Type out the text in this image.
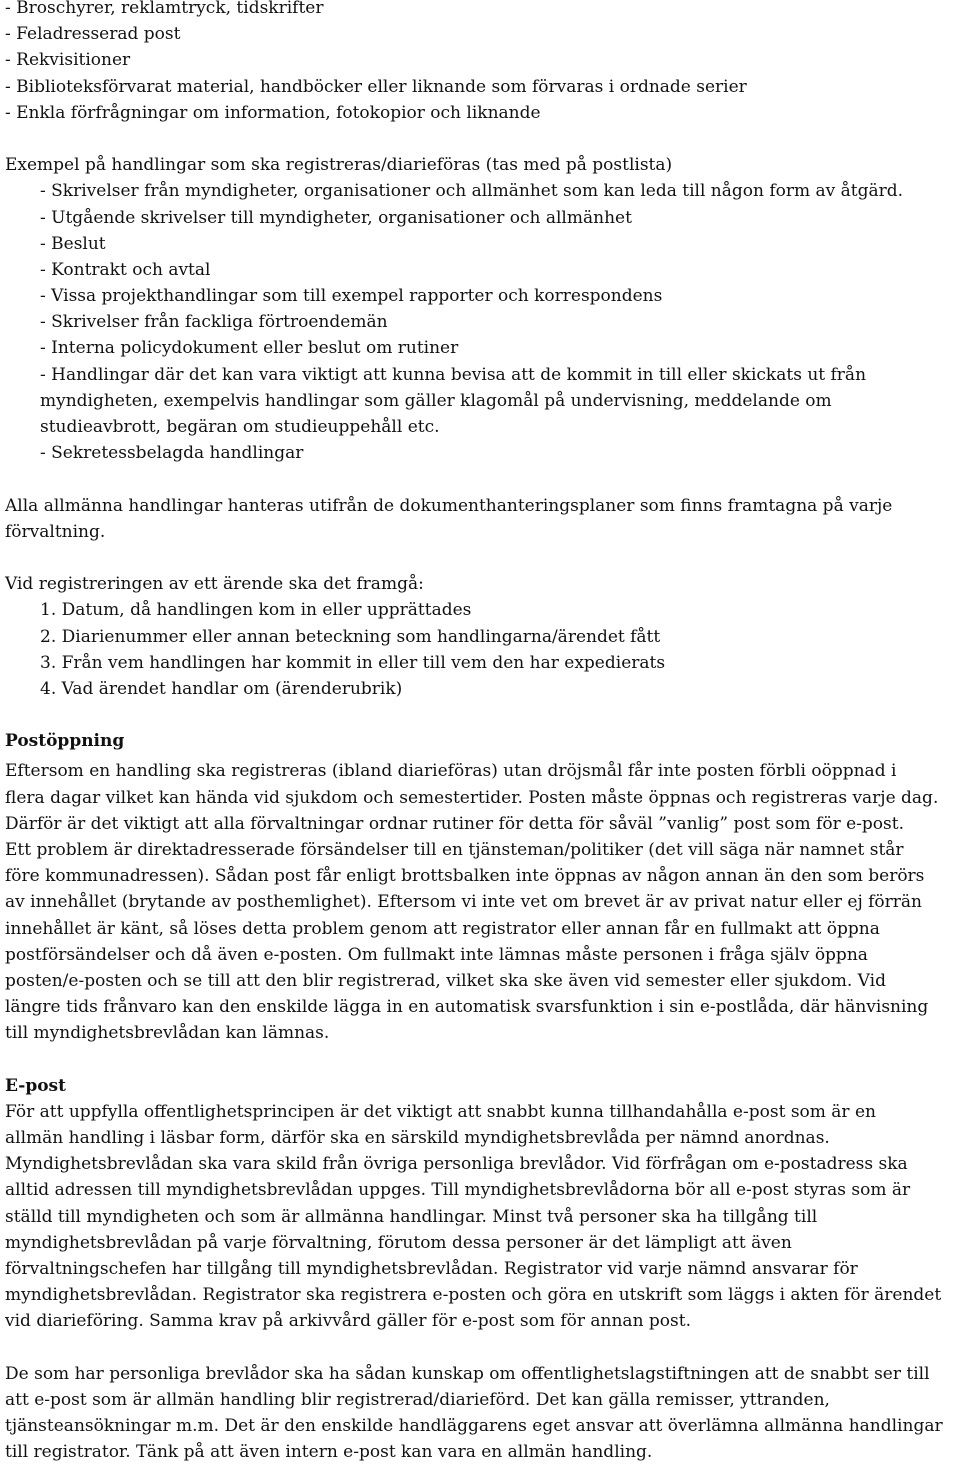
- Broschyrer, reklamtryck, tidskrifter
- Feladresserad post
- Rekvisitioner
- Biblioteksförvarat material, handböcker eller liknande som förvaras i ordnade serier
- Enkla förfrågningar om information, fotokopior och liknande
Exempel på handlingar som ska registreras/diarieföras (tas med på postlista)
- Skrivelser från myndigheter, organisationer och allmänhet som kan leda till någon form av åtgärd.
- Utgående skrivelser till myndigheter, organisationer och allmänhet
- Beslut
- Kontrakt och avtal
- Vissa projekthandlingar som till exempel rapporter och korrespondens
- Skrivelser från fackliga förtroendemän
- Interna policydokument eller beslut om rutiner
- Handlingar där det kan vara viktigt att kunna bevisa att de kommit in till eller skickats ut från
myndigheten, exempelvis handlingar som gäller klagomål på undervisning, meddelande om
studieavbrott, begäran om studieuppehåll etc.
- Sekretessbelagda handlingar
Alla allmänna handlingar hanteras utifrån de dokumenthanteringsplaner som finns framtagna på varje
förvaltning.
Vid registreringen av ett ärende ska det framgå:
1. Datum, då handlingen kom in eller upprättades
2. Diarienummer eller annan beteckning som handlingarna/ärendet fått
3. Från vem handlingen har kommit in eller till vem den har expedierats
4. Vad ärendet handlar om (ärenderubrik)
Postöppning
Eftersom en handling ska registreras (ibland diarieföras) utan dröjsmål får inte posten förbli oöppnad i
flera dagar vilket kan hända vid sjukdom och semestertider. Posten måste öppnas och registreras varje dag.
Därför är det viktigt att alla förvaltningar ordnar rutiner för detta för såväl ”vanlig” post som för e-post.
Ett problem är direktadresserade försändelser till en tjänsteman/politiker (det vill säga när namnet står
före kommunadressen). Sådan post får enligt brottsbalken inte öppnas av någon annan än den som berörs
av innehållet (brytande av posthemlighet). Eftersom vi inte vet om brevet är av privat natur eller ej förrän
innehållet är känt, så löses detta problem genom att registrator eller annan får en fullmakt att öppna
postförsändelser och då även e-posten. Om fullmakt inte lämnas måste personen i fråga själv öppna
posten/e-posten och se till att den blir registrerad, vilket ska ske även vid semester eller sjukdom. Vid
längre tids frånvaro kan den enskilde lägga in en automatisk svarsfunktion i sin e-postlåda, där hänvisning
till myndighetsbrevlådan kan lämnas.
E-post
För att uppfylla offentlighetsprincipen är det viktigt att snabbt kunna tillhandahålla e-post som är en
allmän handling i läsbar form, därför ska en särskild myndighetsbrevlåda per nämnd anordnas.
Myndighetsbrevlådan ska vara skild från övriga personliga brevlådor. Vid förfrågan om e-postadress ska
alltid adressen till myndighetsbrevlådan uppges. Till myndighetsbrevlådorna bör all e-post styras som är
ställd till myndigheten och som är allmänna handlingar. Minst två personer ska ha tillgång till
myndighetsbrevlådan på varje förvaltning, förutom dessa personer är det lämpligt att även
förvaltningschefen har tillgång till myndighetsbrevlådan. Registrator vid varje nämnd ansvarar för
myndighetsbrevlådan. Registrator ska registrera e-posten och göra en utskrift som läggs i akten för ärendet
vid diarieföring. Samma krav på arkivvård gäller för e-post som för annan post.
De som har personliga brevlådor ska ha sådan kunskap om offentlighetslagstiftningen att de snabbt ser till
att e-post som är allmän handling blir registrerad/diarieförd. Det kan gälla remisser, yttranden,
tjänsteansökningar m.m. Det är den enskilde handläggarens eget ansvar att överlämna allmänna handlingar
till registrator. Tänk på att även intern e-post kan vara en allmän handling.
